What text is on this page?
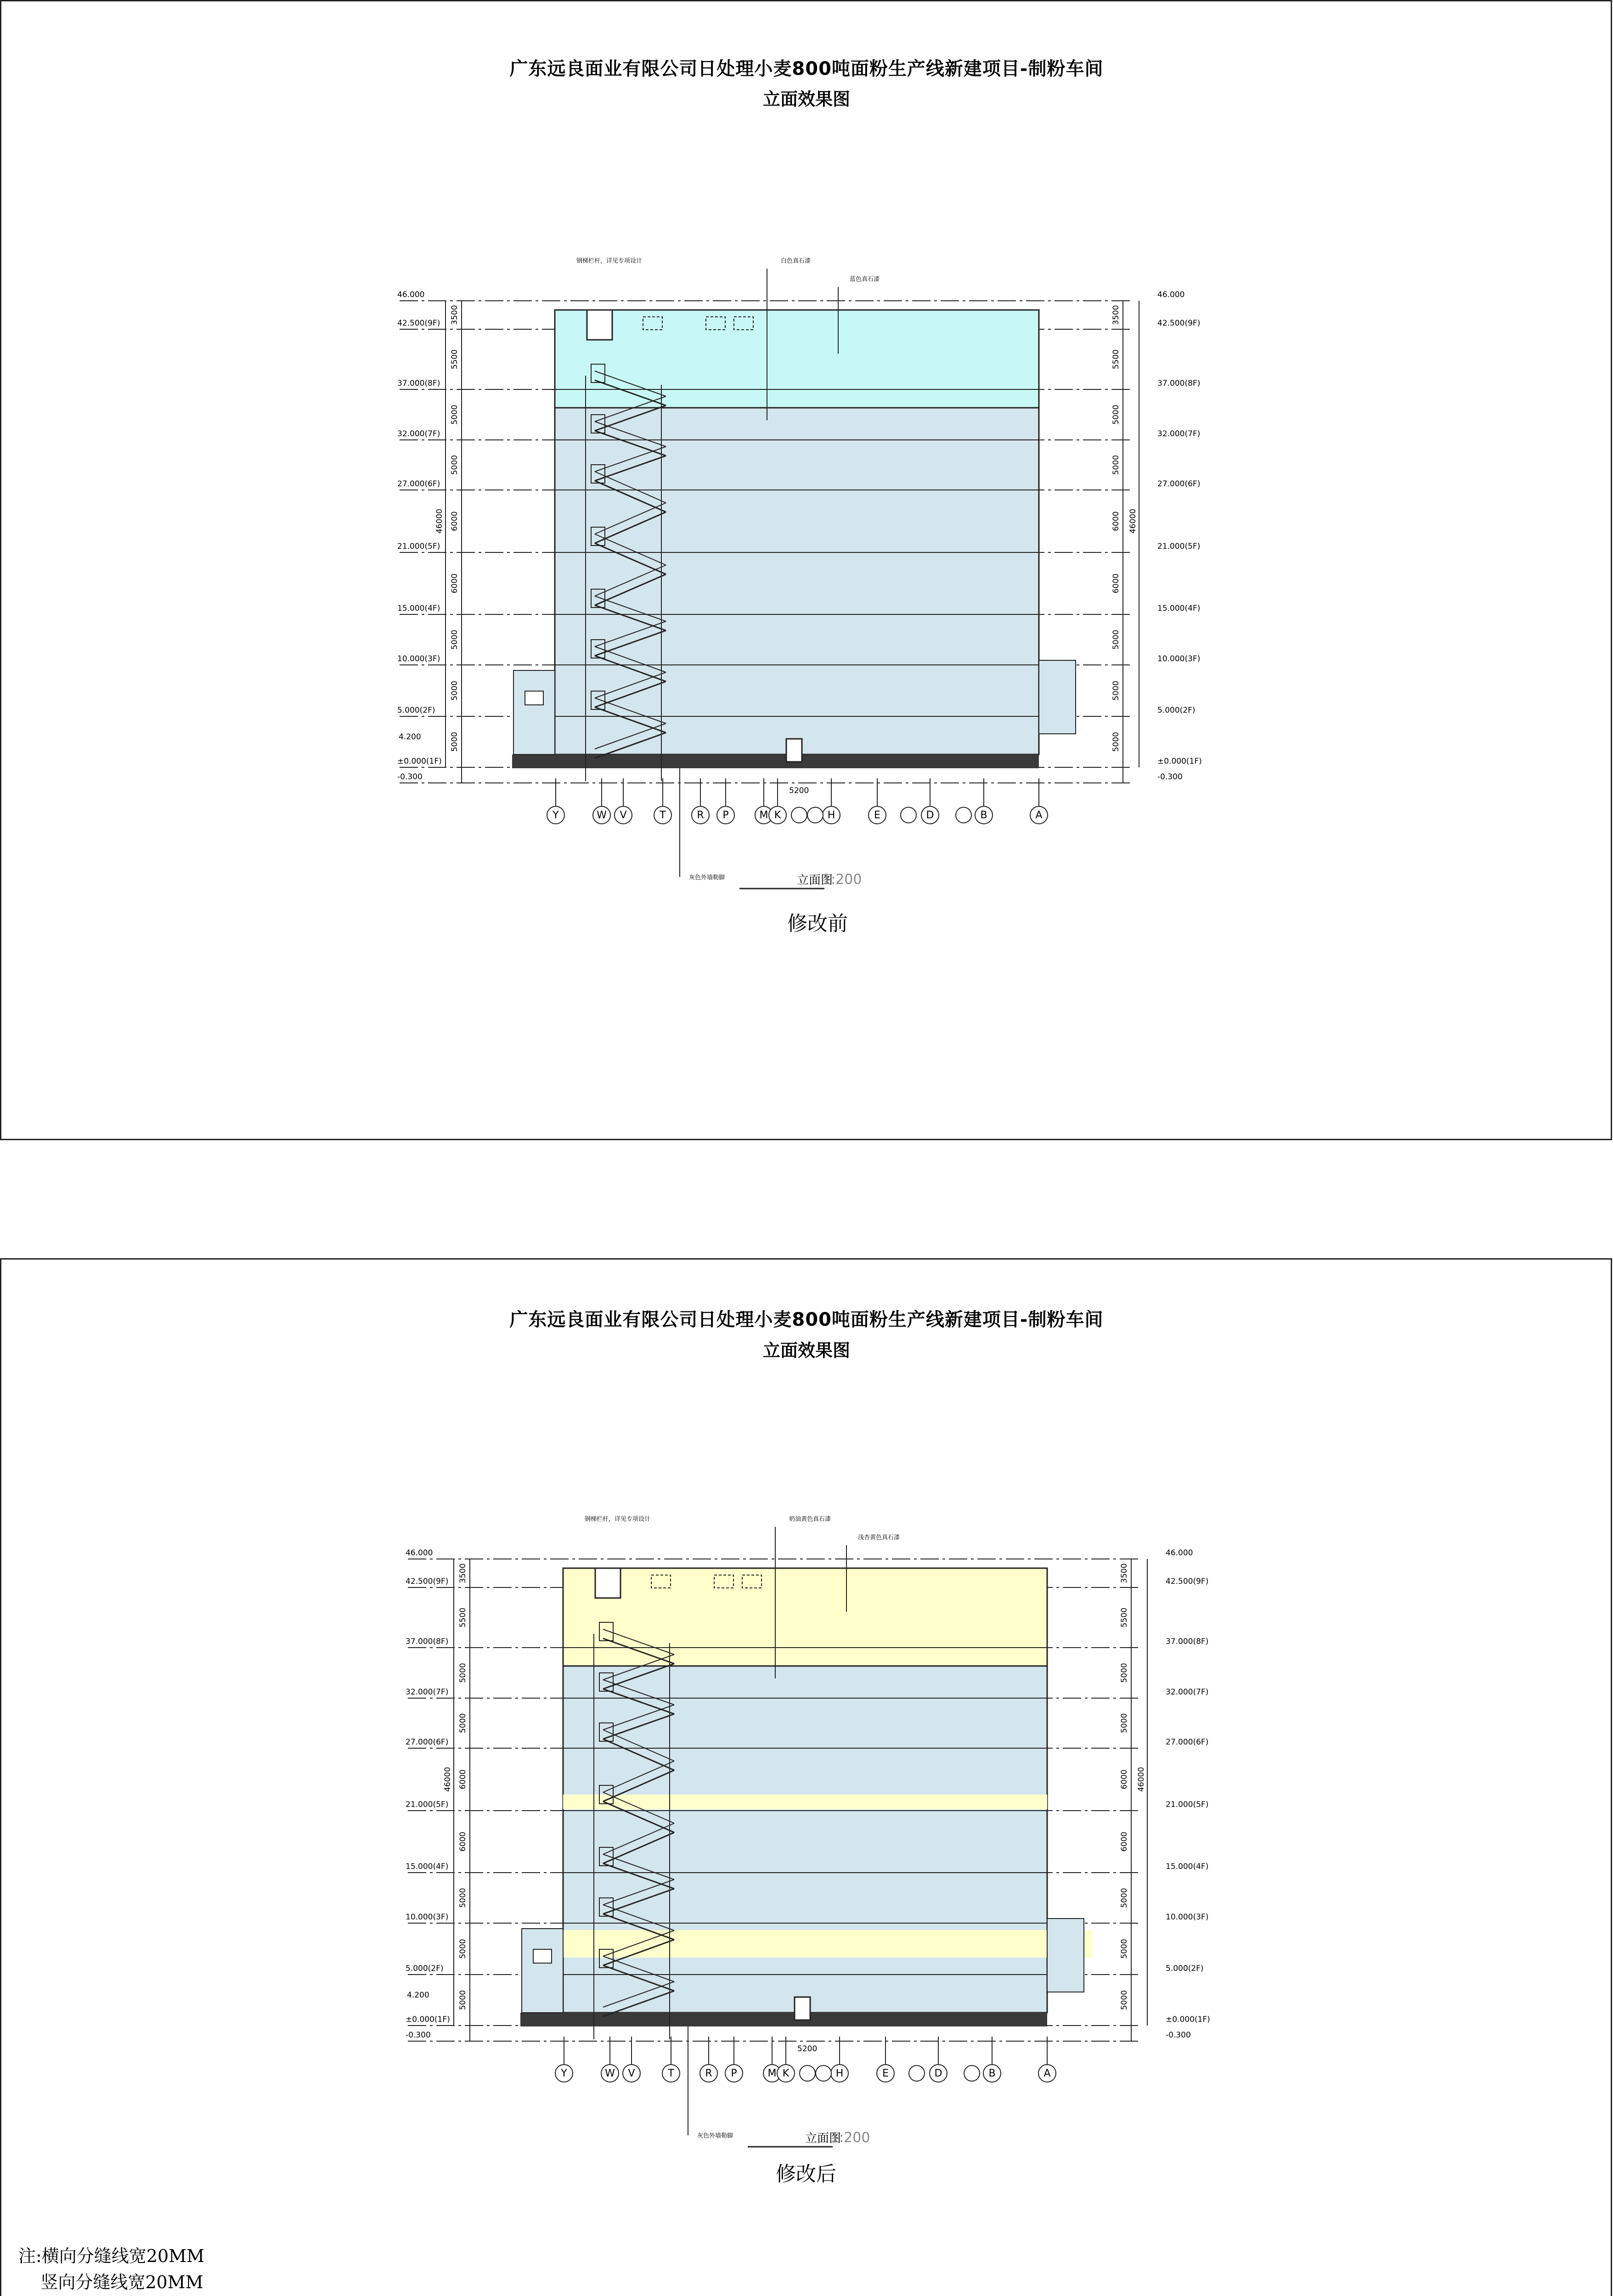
广东远良面业有限公司日处理小麦800吨面粉生产线新建项目-制粉车间
立面效果图
46.000	46.000
42.500(9F)	42.500(9F)
37.000(8F)	37.000(8F)
32.000(7F)	32.000(7F)
27.000(6F)	27.000(6F)
21.000(5F)	21.000(5F)
15.000(4F)	15.000(4F)
10.000(3F)	10.000(3F)
5.000(2F)	5.000(2F)
±0.000(1F)	±0.000(1F)
-0.300	-0.300
4.200
3500
5500
5000
5000
6000
6000
5000
5000
5000
3500
5500
5000
5000
6000
6000
5000
5000
5000
46000	46000
5200
Y	W V	T	R P	M K	H	E	D	B	A
钢梯栏杆，详见专项设计	白色真石漆
蓝色真石漆
灰色外墙勒脚	立面图
1:200
修改前
广东远良面业有限公司日处理小麦800吨面粉生产线新建项目-制粉车间
立面效果图
46.000	46.000
42.500(9F)	42.500(9F)
37.000(8F)	37.000(8F)
32.000(7F)	32.000(7F)
27.000(6F)	27.000(6F)
21.000(5F)	21.000(5F)
15.000(4F)	15.000(4F)
10.000(3F)	10.000(3F)
5.000(2F)	5.000(2F)
±0.000(1F)	±0.000(1F)
-0.300	-0.300
4.200
3500
5500
5000
5000
6000
6000
5000
5000
5000
3500
5500
5000
5000
6000
6000
5000
5000
5000
46000	46000
5200
Y	W V	T	R P	M K	H	E	D	B	A
钢梯栏杆，详见专项设计	奶油黄色真石漆
浅杏黄色真石漆
灰色外墙勒脚	立面图
1:200
修改后
注:横向分缝线宽20MM
竖向分缝线宽20MM
